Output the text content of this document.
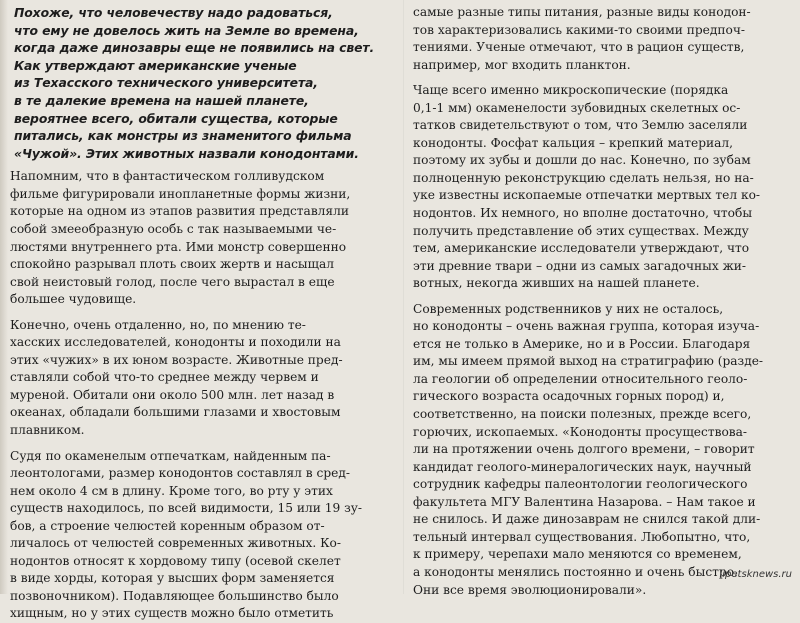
Похоже, что человечеству надо радоваться,
что ему не довелось жить на Земле во времена,
когда даже динозавры еще не появились на свет.
Как утверждают американские ученые
из Техасского технического университета,
в те далекие времена на нашей планете,
вероятнее всего, обитали существа, которые
питались, как монстры из знаменитого фильма
«Чужой». Этих животных назвали конодонтами.
Напомним, что в фантастическом голливудском
фильме фигурировали инопланетные формы жизни,
которые на одном из этапов развития представляли
собой змееобразную особь с так называемыми че-
люстями внутреннего рта. Ими монстр совершенно
спокойно разрывал плоть своих жертв и насыщал
свой неистовый голод, после чего вырастал в еще
большее чудовище.
Конечно, очень отдаленно, но, по мнению те-
хасских исследователей, конодонты и походили на
этих «чужих» в их юном возрасте. Животные пред-
ставляли собой что-то среднее между червем и
муреной. Обитали они около 500 млн. лет назад в
океанах, обладали большими глазами и хвостовым
плавником.
Судя по окаменелым отпечаткам, найденным па-
леонтологами, размер конодонтов составлял в сред-
нем около 4 см в длину. Кроме того, во рту у этих
существ находилось, по всей видимости, 15 или 19 зу-
бов, а строение челюстей коренным образом от-
личалось от челюстей современных животных. Ко-
нодонтов относят к хордовому типу (осевой скелет
в виде хорды, которая у высших форм заменяется
позвоночником). Подавляющее большинство было
хищным, но у этих существ можно было отметить
самые разные типы питания, разные виды конодон-
тов характеризовались какими-то своими предпоч-
тениями. Ученые отмечают, что в рацион существ,
например, мог входить планктон.
Чаще всего именно микроскопические (порядка
0,1-1 мм) окаменелости зубовидных скелетных ос-
татков свидетельствуют о том, что Землю заселяли
конодонты. Фосфат кальция – крепкий материал,
поэтому их зубы и дошли до нас. Конечно, по зубам
полноценную реконструкцию сделать нельзя, но на-
уке известны ископаемые отпечатки мертвых тел ко-
нодонтов. Их немного, но вполне достаточно, чтобы
получить представление об этих существах. Между
тем, американские исследователи утверждают, что
эти древние твари – одни из самых загадочных жи-
вотных, некогда живших на нашей планете.
Современных родственников у них не осталось,
но конодонты – очень важная группа, которая изуча-
ется не только в Америке, но и в России. Благодаря
им, мы имеем прямой выход на стратиграфию (разде-
ла геологии об определении относительного геоло-
гического возраста осадочных горных пород) и,
соответственно, на поиски полезных, прежде всего,
горючих, ископаемых. «Конодонты просуществова-
ли на протяжении очень долгого времени, – говорит
кандидат геолого-минералогических наук, научный
сотрудник кафедры палеонтологии геологического
факультета МГУ Валентина Назарова. – Нам такое и
не снилось. И даже динозаврам не снился такой дли-
тельный интервал существования. Любопытно, что,
к примеру, черепахи мало меняются со временем,
а конодонты менялись постоянно и очень быстро.
Они все время эволюционировали».
lipetsknews.ru
